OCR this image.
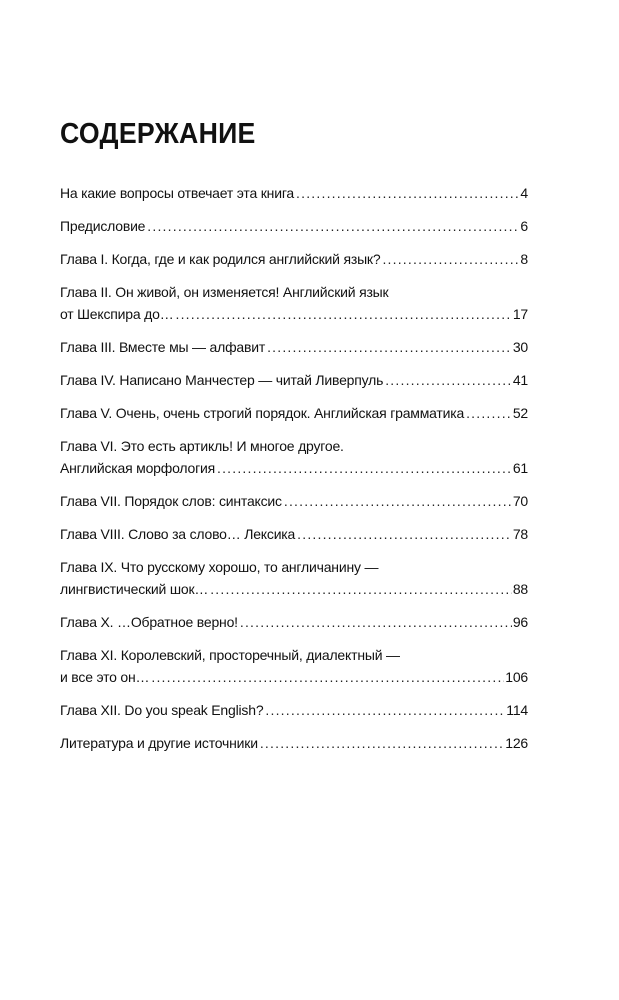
СОДЕРЖАНИЕ
На какие вопросы отвечает эта книга .....	4
Предисловие .....	6
Глава I. Когда, где и как родился английский язык? .....	8
Глава II. Он живой, он изменяется! Английский язык
от Шекспира до… .....	17
Глава III. Вместе мы — алфавит .....	30
Глава IV. Написано Манчестер — читай Ливерпуль .....	41
Глава V. Очень, очень строгий порядок. Английская грамматика .....	52
Глава VI. Это есть артикль! И многое другое.
Английская морфология .....	61
Глава VII. Порядок слов: синтаксис .....	70
Глава VIII. Слово за слово… Лексика .....	78
Глава IX. Что русскому хорошо, то англичанину —
лингвистический шок… .....	88
Глава X. …Обратное верно! .....	96
Глава XI. Королевский, просторечный, диалектный —
и все это он… .....	106
Глава XII. Do you speak English? .....	114
Литература и другие источники .....	126
